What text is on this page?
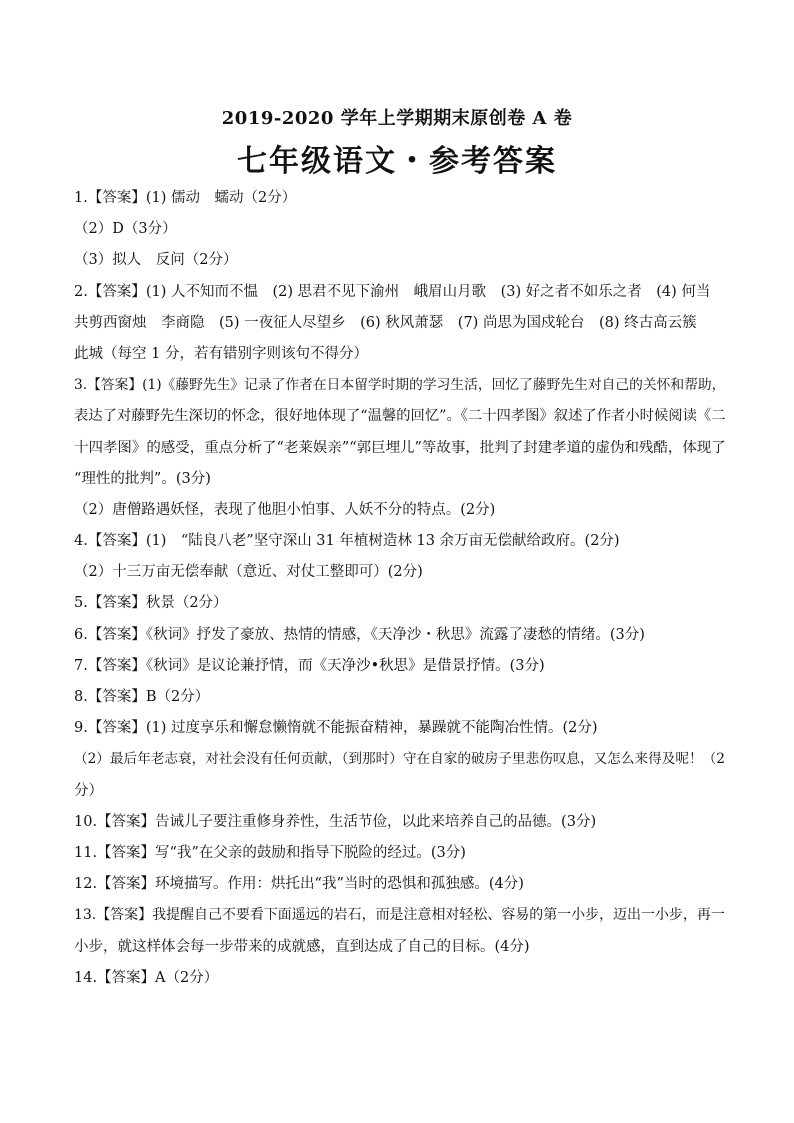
2019-2020 学年上学期期末原创卷 A 卷
七年级语文・参考答案
1.【答案】(1) 儒动　蠕动（2分）
（2）D（3分）
（3）拟人　反问（2分）
2.【答案】(1) 人不知而不愠　(2) 思君不见下渝州　峨眉山月歌　(3) 好之者不如乐之者　(4) 何当
共剪西窗烛　李商隐　(5) 一夜征人尽望乡　(6) 秋风萧瑟　(7) 尚思为国戍轮台　(8) 终古高云簇
此城（每空 1 分，若有错别字则该句不得分）
3.【答案】(1)《藤野先生》记录了作者在日本留学时期的学习生活，回忆了藤野先生对自己的关怀和帮助，
表达了对藤野先生深切的怀念，很好地体现了“温馨的回忆”。《二十四孝图》叙述了作者小时候阅读《二
十四孝图》的感受，重点分析了“老莱娱亲”“郭巨埋儿”等故事，批判了封建孝道的虚伪和残酷，体现了
“理性的批判”。(3分)
（2）唐僧路遇妖怪，表现了他胆小怕事、人妖不分的特点。(2分)
4.【答案】(1)　“陆良八老”坚守深山 31 年植树造林 13 余万亩无偿献给政府。(2分)
（2）十三万亩无偿奉献（意近、对仗工整即可）(2分)
5.【答案】秋景（2分）
6.【答案】《秋词》抒发了豪放、热情的情感，《天净沙・秋思》流露了凄愁的情绪。(3分)
7.【答案】《秋词》是议论兼抒情，而《天净沙•秋思》是借景抒情。(3分)
8.【答案】B（2分）
9.【答案】(1) 过度享乐和懈怠懒惰就不能振奋精神，暴躁就不能陶冶性情。(2分)
（2）最后年老志衰，对社会没有任何贡献，（到那时）守在自家的破房子里悲伤叹息，又怎么来得及呢！（2
分）
10.【答案】告诫儿子要注重修身养性，生活节俭，以此来培养自己的品德。(3分)
11.【答案】写“我”在父亲的鼓励和指导下脱险的经过。(3分)
12.【答案】环境描写。作用：烘托出“我”当时的恐惧和孤独感。(4分)
13.【答案】我提醒自己不要看下面遥远的岩石，而是注意相对轻松、容易的第一小步，迈出一小步，再一
小步，就这样体会每一步带来的成就感，直到达成了自己的目标。(4分)
14.【答案】A（2分）
